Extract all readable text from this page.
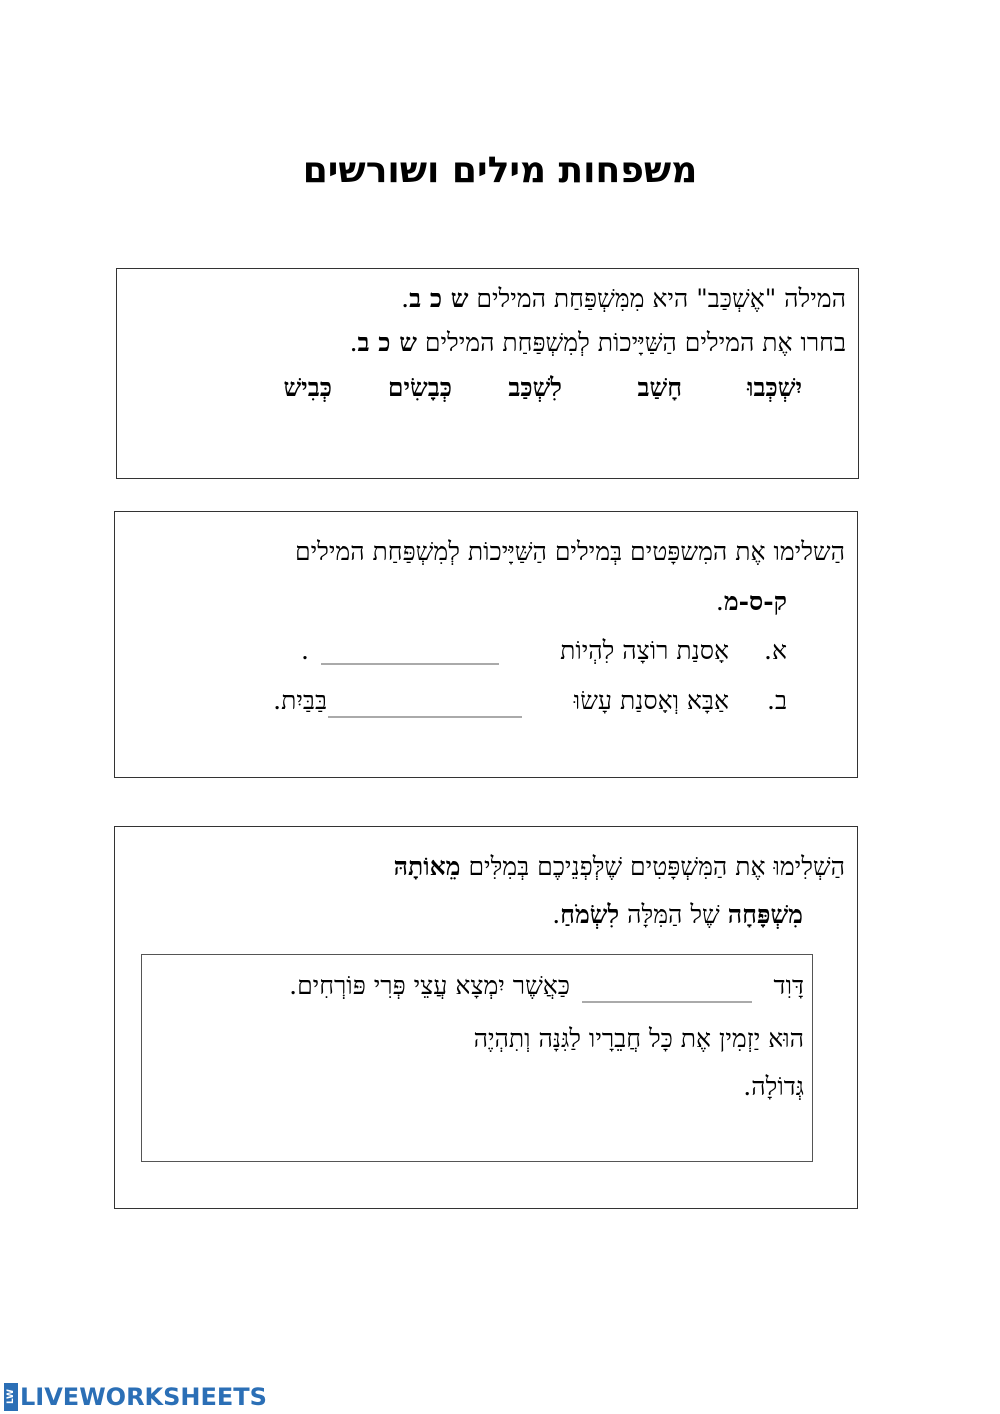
משפחות מילים ושורשים
המילה "אֶשְׁכַּב" היא מִמִּשְׁפַּחַת המילים ש כ ב.
בחרו אֶת המילים הַשַּׁיָּיכוֹת לְמִשְׁפַּחַת המילים ש כ ב.
יִשְׁכְּבוּ
חָשַׁב
לִשְׁכַּב
כְּבָשִׂים
כְּבִישׁ
הַשלימו אֶת המִשפָּטים בְּמילים הַשַּׁיָּיכוֹת לְמִשְׁפַּחַת המילים
ק-ס-מ.
א.
אָסנַת רוֹצָה לִהְיוֹת
.
ב.
אַבָּא וְאָסנַת עָשׂוּ
בַּבַּיִת.
הַשְׁלִימוּ אֶת הַמִּשְׁפָּטִים שֶׁלְּפְנֵיכֶם בְּמִלִּים מֵאוֹתָהּ
מִשְׁפָּחָה שֶׁל הַמִּלָּה לִשְׂמֹחַ.
דָּוִד
כַּאֲשֶׁר יִמְצָא עֲצֵי פְּרִי פּוֹרְחִים.
הוּא יַזְמִין אֶת כָּל חֲבֵרָיו לַגִּנָּה וְתִהְיֶה
גְּדוֹלָה.
LW LIVEWORKSHEETS
